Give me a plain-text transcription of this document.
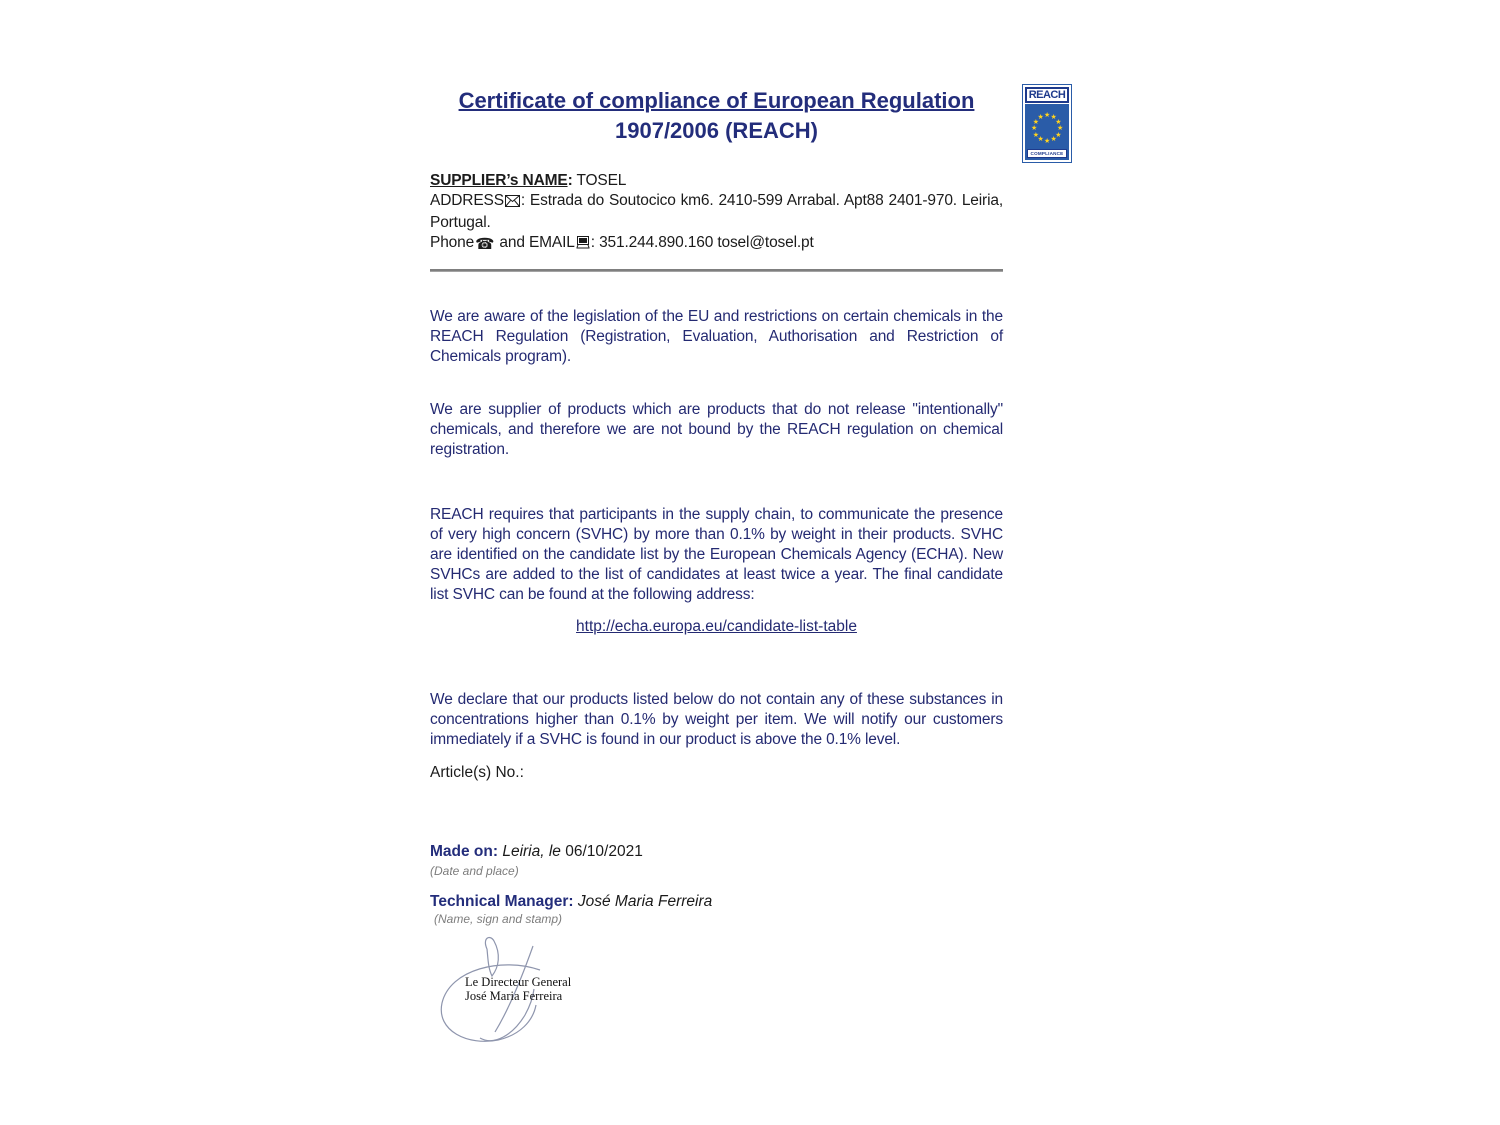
Certificate of compliance of European Regulation
1907/2006 (REACH)
REACH
COMPLIANCE
★ ★
★
★
★
★
★
★
★
★
★
★
SUPPLIER’s NAME: TOSEL
ADDRESS : Estrada do Soutocico km6. 2410-599 Arrabal. Apt88 2401-970. Leiria, Portugal.
Phone☎ and EMAIL : 351.244.890.160 tosel@tosel.pt

We are aware of the legislation of the EU and restrictions on certain chemicals in the REACH Regulation (Registration, Evaluation, Authorisation and Restriction of Chemicals program).

We are supplier of products which are products that do not release "intentionally" chemicals, and therefore we are not bound by the REACH regulation on chemical registration.

REACH requires that participants in the supply chain, to communicate the presence of very high concern (SVHC) by more than 0.1% by weight in their products. SVHC are identified on the candidate list by the European Chemicals Agency (ECHA). New SVHCs are added to the list of candidates at least twice a year. The final candidate list SVHC can be found at the following address:

http://echa.europa.eu/candidate-list-table

We declare that our products listed below do not contain any of these substances in concentrations higher than 0.1% by weight per item. We will notify our customers immediately if a SVHC is found in our product is above the 0.1% level.

Article(s) No.:
Made on: Leiria, le 06/10/2021
(Date and place)
Technical Manager: José Maria Ferreira
(Name, sign and stamp)
Le Directeur General
José Maria Ferreira
